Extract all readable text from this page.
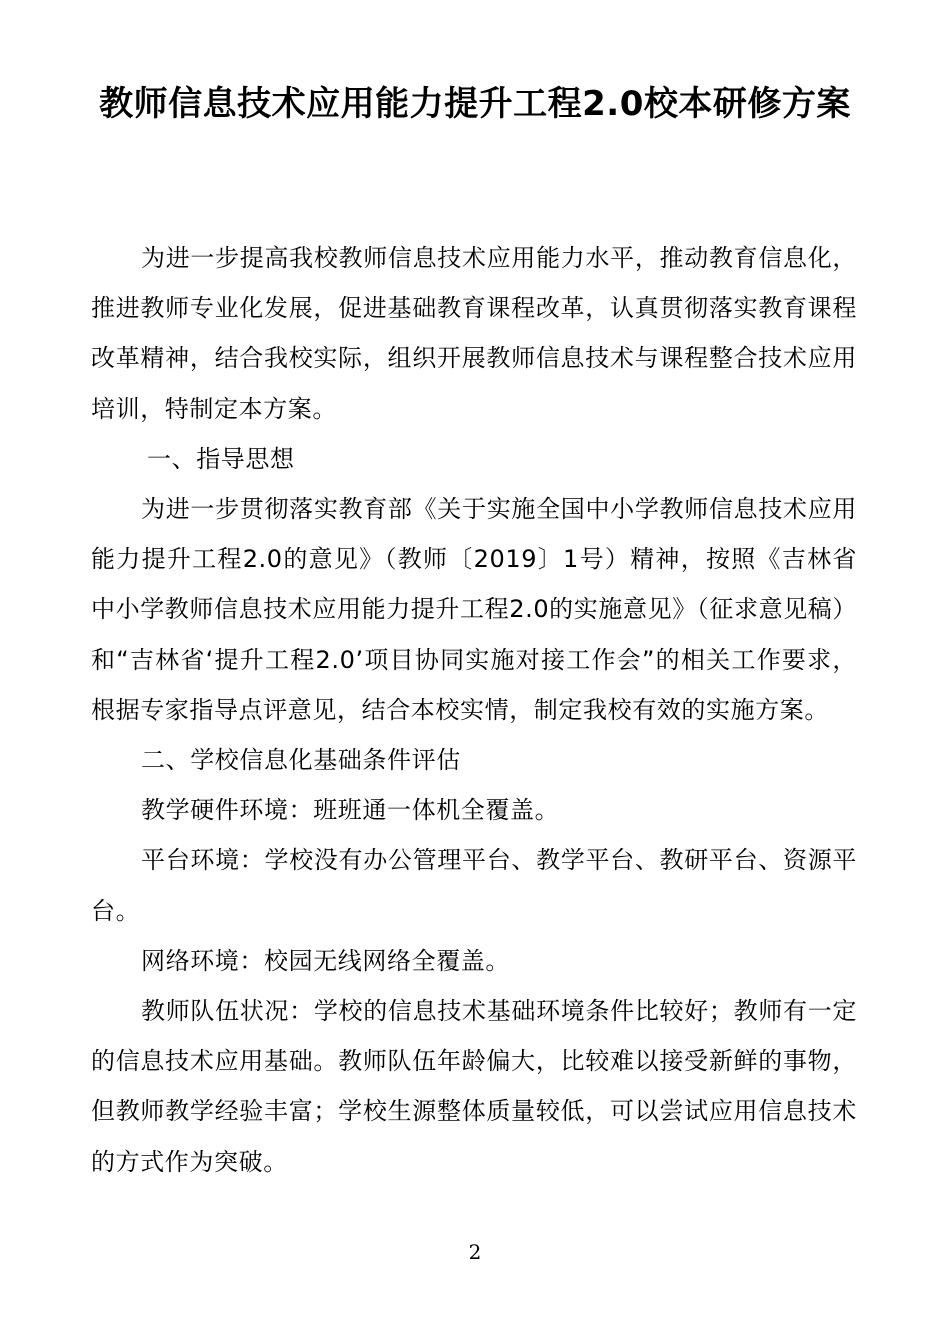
教师信息技术应用能力提升工程2.0校本研修方案

为进一步提高我校教师信息技术应用能力水平，推动教育信息化，推进教师专业化发展，促进基础教育课程改革，认真贯彻落实教育课程改革精神，结合我校实际，组织开展教师信息技术与课程整合技术应用培训，特制定本方案。

一、指导思想

为进一步贯彻落实教育部《关于实施全国中小学教师信息技术应用能力提升工程2.0的意见》（教师〔2019〕1号）精神，按照《吉林省中小学教师信息技术应用能力提升工程2.0的实施意见》（征求意见稿）和“吉林省‘提升工程2.0’项目协同实施对接工作会”的相关工作要求，根据专家指导点评意见，结合本校实情，制定我校有效的实施方案。

二、学校信息化基础条件评估

教学硬件环境：班班通一体机全覆盖。

平台环境：学校没有办公管理平台、教学平台、教研平台、资源平台。

网络环境：校园无线网络全覆盖。

教师队伍状况：学校的信息技术基础环境条件比较好；教师有一定的信息技术应用基础。教师队伍年龄偏大，比较难以接受新鲜的事物，但教师教学经验丰富；学校生源整体质量较低，可以尝试应用信息技术的方式作为突破。

2
